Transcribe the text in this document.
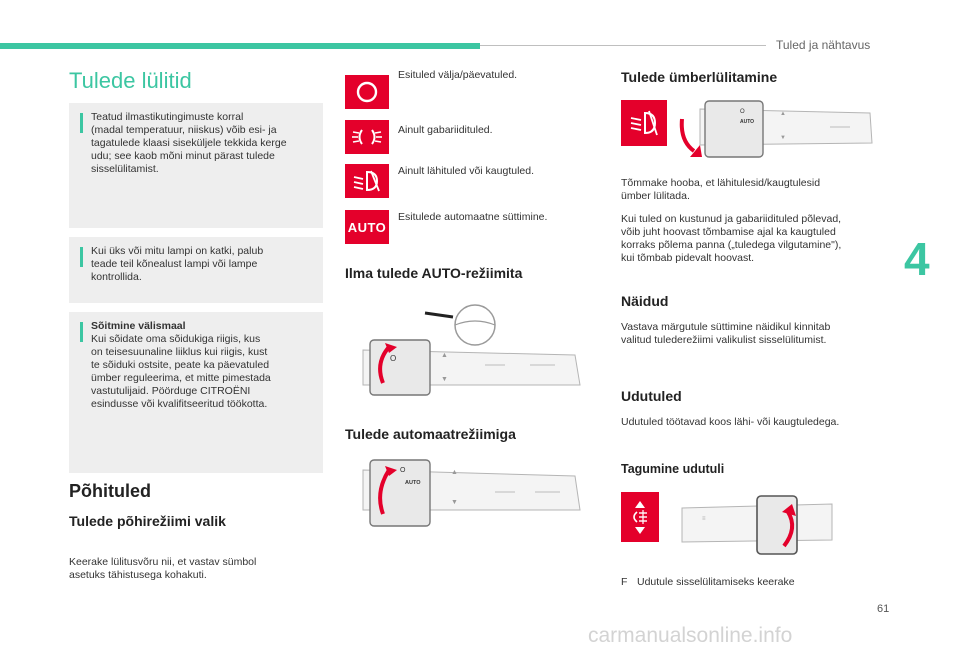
Tuled ja nähtavus
4
61
carmanualsonline.info
Tulede lülitid
Teatud ilmastikutingimuste korral
(madal temperatuur, niiskus) võib esi- ja
tagatulede klaasi siseküljele tekkida kerge
udu; see kaob mõni minut pärast tulede
sisselülitamist.
Kui üks või mitu lampi on katki, palub
teade teil kõnealust lampi või lampe
kontrollida.
Sõitmine välismaal
Kui sõidate oma sõidukiga riigis, kus
on teisesuunaline liiklus kui riigis, kust
te sõiduki ostsite, peate ka päevatuled
ümber reguleerima, et mitte pimestada
vastutulijaid. Pöörduge CITROËNI
esindusse või kvalifitseeritud töökotta.
Põhituled
Tulede põhirežiimi valik
Keerake lülitusvõru nii, et vastav sümbol
asetuks tähistusega kohakuti.
Esituled välja/päevatuled.
Ainult gabariidituled.
Ainult lähituled või kaugtuled.
AUTO
Esitulede automaatne süttimine.
Ilma tulede AUTO-režiimita
O	▲
▼
Tulede automaatrežiimiga
O
AUTO
▲
▼
Tulede ümberlülitamine
O
AUTO
▲
▼
Tõmmake hooba, et lähitulesid/kaugtulesid
ümber lülitada.
Kui tuled on kustunud ja gabariidituled põlevad,
võib juht hoovast tõmbamise ajal ka kaugtuled
korraks põlema panna („tuledega vilgutamine"),
kui tõmbab pidevalt hoovast.
Näidud
Vastava märgutule süttimine näidikul kinnitab
valitud tulederežiimi valikulist sisselülitumist.
Udutuled
Udutuled töötavad koos lähi- või kaugtuledega.
Tagumine udutuli
≡
F Udutule sisselülitamiseks keerake
